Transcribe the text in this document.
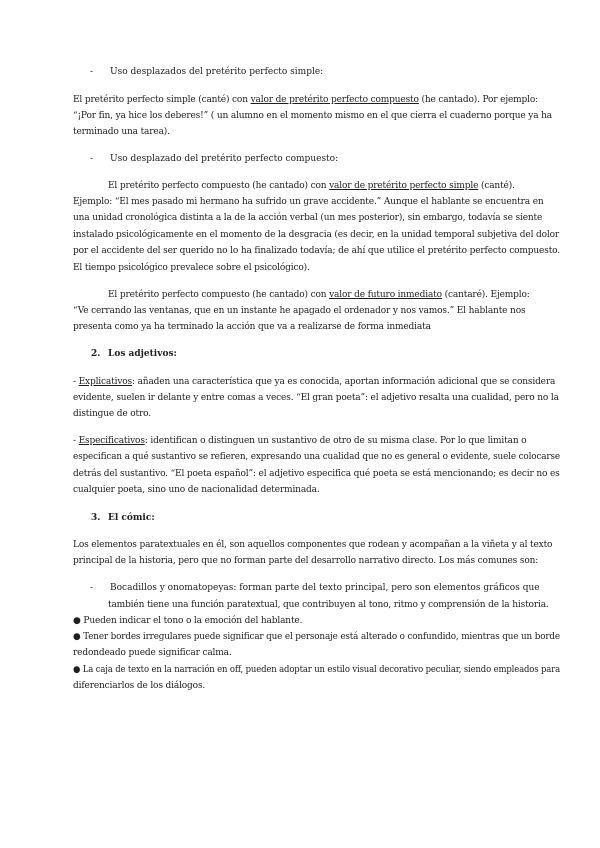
- Uso desplazados del pretérito perfecto simple:
El pretérito perfecto simple (canté) con valor de pretérito perfecto compuesto (he cantado). Por ejemplo:
“¡Por fin, ya hice los deberes!” ( un alumno en el momento mismo en el que cierra el cuaderno porque ya ha
terminado una tarea).
- Uso desplazado del pretérito perfecto compuesto:
El pretérito perfecto compuesto (he cantado) con valor de pretérito perfecto simple (canté).
Ejemplo: “El mes pasado mi hermano ha sufrido un grave accidente.” Aunque el hablante se encuentra en
una unidad cronológica distinta a la de la acción verbal (un mes posterior), sin embargo, todavía se siente
instalado psicológicamente en el momento de la desgracia (es decir, en la unidad temporal subjetiva del dolor
por el accidente del ser querido no lo ha finalizado todavía; de ahí que utilice el pretérito perfecto compuesto.
El tiempo psicológico prevalece sobre el psicológico).
El pretérito perfecto compuesto (he cantado) con valor de futuro inmediato (cantaré). Ejemplo:
“Ve cerrando las ventanas, que en un instante he apagado el ordenador y nos vamos.” El hablante nos
presenta como ya ha terminado la acción que va a realizarse de forma inmediata
2. Los adjetivos:
- Explicativos: añaden una característica que ya es conocida, aportan información adicional que se considera
evidente, suelen ir delante y entre comas a veces. “El gran poeta”: el adjetivo resalta una cualidad, pero no la
distingue de otro.
- Especificativos: identifican o distinguen un sustantivo de otro de su misma clase. Por lo que limitan o
especifican a qué sustantivo se refieren, expresando una cualidad que no es general o evidente, suele colocarse
detrás del sustantivo. “El poeta español”: el adjetivo especifica qué poeta se está mencionando; es decir no es
cualquier poeta, sino uno de nacionalidad determinada.
3. El cómic:
Los elementos paratextuales en él, son aquellos componentes que rodean y acompañan a la viñeta y al texto
principal de la historia, pero que no forman parte del desarrollo narrativo directo. Los más comunes son:
- Bocadillos y onomatopeyas: forman parte del texto principal, pero son elementos gráficos que
también tiene una función paratextual, que contribuyen al tono, ritmo y comprensión de la historia.
● Pueden indicar el tono o la emoción del hablante.
● Tener bordes irregulares puede significar que el personaje está alterado o confundido, mientras que un borde
redondeado puede significar calma.
● La caja de texto en la narración en off, pueden adoptar un estilo visual decorativo peculiar, siendo empleados para
diferenciarlos de los diálogos.
